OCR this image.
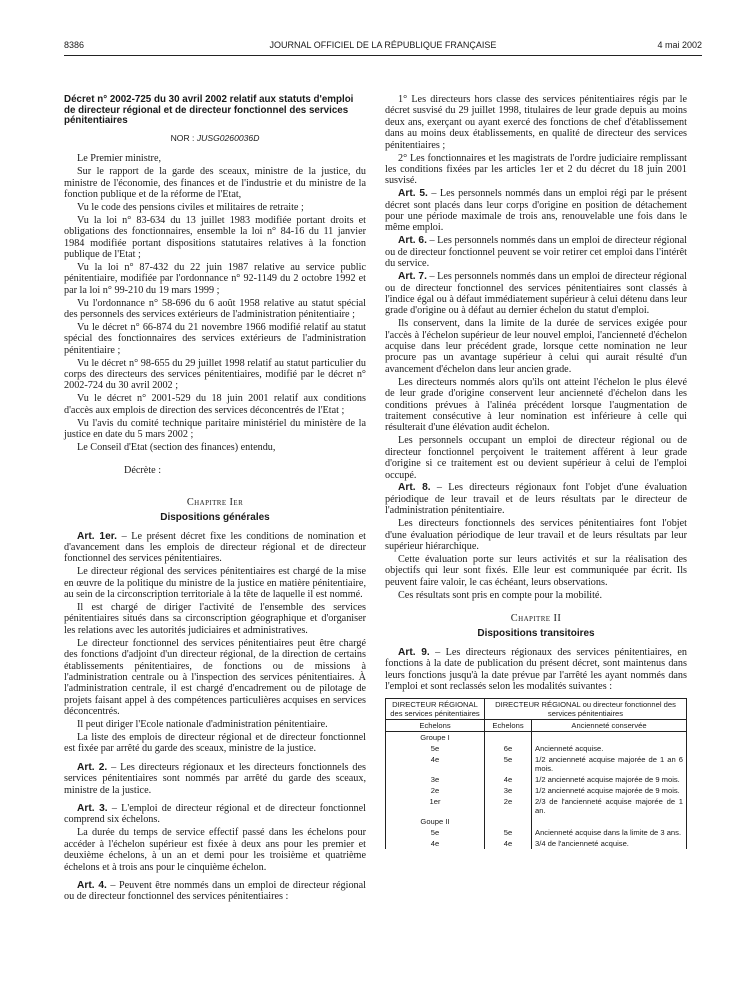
8386	JOURNAL OFFICIEL DE LA RÉPUBLIQUE FRANÇAISE	4 mai 2002
Décret n° 2002-725 du 30 avril 2002 relatif aux statuts d'emploi de directeur régional et de directeur fonctionnel des services pénitentiaires
NOR : JUSG0260036D

Le Premier ministre,

Sur le rapport de la garde des sceaux, ministre de la justice, du ministre de l'économie, des finances et de l'industrie et du ministre de la fonction publique et de la réforme de l'Etat,

Vu le code des pensions civiles et militaires de retraite ;

Vu la loi n° 83-634 du 13 juillet 1983 modifiée portant droits et obligations des fonctionnaires, ensemble la loi n° 84-16 du 11 janvier 1984 modifiée portant dispositions statutaires relatives à la fonction publique de l'Etat ;

Vu la loi n° 87-432 du 22 juin 1987 relative au service public pénitentiaire, modifiée par l'ordonnance n° 92-1149 du 2 octobre 1992 et par la loi n° 99-210 du 19 mars 1999 ;

Vu l'ordonnance n° 58-696 du 6 août 1958 relative au statut spécial des personnels des services extérieurs de l'administration pénitentiaire ;

Vu le décret n° 66-874 du 21 novembre 1966 modifié relatif au statut spécial des fonctionnaires des services extérieurs de l'administration pénitentiaire ;

Vu le décret n° 98-655 du 29 juillet 1998 relatif au statut particulier du corps des directeurs des services pénitentiaires, modifié par le décret n° 2002-724 du 30 avril 2002 ;

Vu le décret n° 2001-529 du 18 juin 2001 relatif aux conditions d'accès aux emplois de direction des services déconcentrés de l'Etat ;

Vu l'avis du comité technique paritaire ministériel du ministère de la justice en date du 5 mars 2002 ;

Le Conseil d'Etat (section des finances) entendu,

Décrète :

Chapitre Ier
Dispositions générales

Art. 1er. – Le présent décret fixe les conditions de nomination et d'avancement dans les emplois de directeur régional et de directeur fonctionnel des services pénitentiaires.

Le directeur régional des services pénitentiaires est chargé de la mise en œuvre de la politique du ministre de la justice en matière pénitentiaire, au sein de la circonscription territoriale à la tête de laquelle il est nommé.

Il est chargé de diriger l'activité de l'ensemble des services pénitentiaires situés dans sa circonscription géographique et d'organiser les relations avec les autorités judiciaires et administratives.

Le directeur fonctionnel des services pénitentiaires peut être chargé des fonctions d'adjoint d'un directeur régional, de la direction de certains établissements pénitentiaires, de fonctions ou de missions à l'administration centrale ou à l'inspection des services pénitentiaires. À l'administration centrale, il est chargé d'encadrement ou de pilotage de projets faisant appel à des compétences particulières acquises en services déconcentrés.

Il peut diriger l'Ecole nationale d'administration pénitentiaire.

La liste des emplois de directeur régional et de directeur fonctionnel est fixée par arrêté du garde des sceaux, ministre de la justice.

Art. 2. – Les directeurs régionaux et les directeurs fonctionnels des services pénitentiaires sont nommés par arrêté du garde des sceaux, ministre de la justice.

Art. 3. – L'emploi de directeur régional et de directeur fonctionnel comprend six échelons.

La durée du temps de service effectif passé dans les échelons pour accéder à l'échelon supérieur est fixée à deux ans pour les premier et deuxième échelons, à un an et demi pour les troisième et quatrième échelons et à trois ans pour le cinquième échelon.

Art. 4. – Peuvent être nommés dans un emploi de directeur régional ou de directeur fonctionnel des services pénitentiaires :

1° Les directeurs hors classe des services pénitentiaires régis par le décret susvisé du 29 juillet 1998, titulaires de leur grade depuis au moins deux ans, exerçant ou ayant exercé des fonctions de chef d'établissement dans au moins deux établissements, en qualité de directeur des services pénitentiaires ;

2° Les fonctionnaires et les magistrats de l'ordre judiciaire remplissant les conditions fixées par les articles 1er et 2 du décret du 18 juin 2001 susvisé.

Art. 5. – Les personnels nommés dans un emploi régi par le présent décret sont placés dans leur corps d'origine en position de détachement pour une période maximale de trois ans, renouvelable une fois dans le même emploi.

Art. 6. – Les personnels nommés dans un emploi de directeur régional ou de directeur fonctionnel peuvent se voir retirer cet emploi dans l'intérêt du service.

Art. 7. – Les personnels nommés dans un emploi de directeur régional ou de directeur fonctionnel des services pénitentiaires sont classés à l'indice égal ou à défaut immédiatement supérieur à celui détenu dans leur grade d'origine ou à défaut au dernier échelon du statut d'emploi.

Ils conservent, dans la limite de la durée de services exigée pour l'accès à l'échelon supérieur de leur nouvel emploi, l'ancienneté d'échelon acquise dans leur précédent grade, lorsque cette nomination ne leur procure pas un avantage supérieur à celui qui aurait résulté d'un avancement d'échelon dans leur ancien grade.

Les directeurs nommés alors qu'ils ont atteint l'échelon le plus élevé de leur grade d'origine conservent leur ancienneté d'échelon dans les conditions prévues à l'alinéa précédent lorsque l'augmentation de traitement consécutive à leur nomination est inférieure à celle qui résulterait d'une élévation audit échelon.

Les personnels occupant un emploi de directeur régional ou de directeur fonctionnel perçoivent le traitement afférent à leur grade d'origine si ce traitement est ou devient supérieur à celui de l'emploi occupé.

Art. 8. – Les directeurs régionaux font l'objet d'une évaluation périodique de leur travail et de leurs résultats par le directeur de l'administration pénitentiaire.

Les directeurs fonctionnels des services pénitentiaires font l'objet d'une évaluation périodique de leur travail et de leurs résultats par leur supérieur hiérarchique.

Cette évaluation porte sur leurs activités et sur la réalisation des objectifs qui leur sont fixés. Elle leur est communiquée par écrit. Ils peuvent faire valoir, le cas échéant, leurs observations.

Ces résultats sont pris en compte pour la mobilité.

Chapitre II
Dispositions transitoires

Art. 9. – Les directeurs régionaux des services pénitentiaires, en fonctions à la date de publication du présent décret, sont maintenus dans leurs fonctions jusqu'à la date prévue par l'arrêté les ayant nommés dans l'emploi et sont reclassés selon les modalités suivantes :

DIRECTEUR RÉGIONAL des services pénitentiaires	DIRECTEUR RÉGIONAL ou directeur fonctionnel des services pénitentiaires	
Echelons	Echelons	Ancienneté conservée
Groupe I		
5e	6e	Ancienneté acquise.
4e	5e	1/2 ancienneté acquise majorée de 1 an 6 mois.
3e	4e	1/2 ancienneté acquise majorée de 9 mois.
2e	3e	1/2 ancienneté acquise majorée de 9 mois.
1er	2e	2/3 de l'ancienneté acquise majorée de 1 an.
Goupe II		
5e	5e	Ancienneté acquise dans la limite de 3 ans.
4e	4e	3/4 de l'ancienneté acquise.
